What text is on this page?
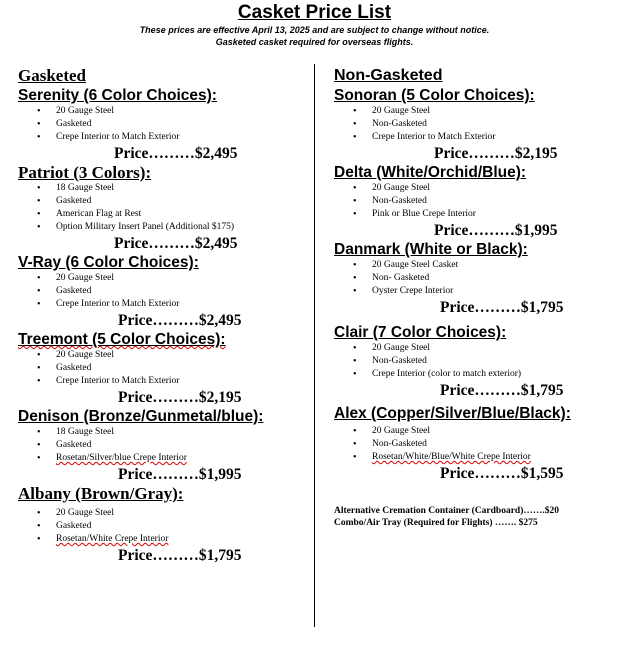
Casket Price List
These prices are effective April 13, 2025 and are subject to change without notice.
Gasketed casket required for overseas flights.
Gasketed
Serenity (6 Color Choices):
• 20 Gauge Steel
• Gasketed
• Crepe Interior to Match Exterior
Price………$2,495
Patriot (3 Colors):
• 18 Gauge Steel
• Gasketed
• American Flag at Rest
• Option Military Insert Panel (Additional $175)
Price………$2,495
V-Ray (6 Color Choices):
• 20 Gauge Steel
• Gasketed
• Crepe Interior to Match Exterior
Price………$2,495
Treemont (5 Color Choices):
• 20 Gauge Steel
• Gasketed
• Crepe Interior to Match Exterior
Price………$2,195
Denison (Bronze/Gunmetal/blue):
• 18 Gauge Steel
• Gasketed
• Rosetan/Silver/blue Crepe Interior
Price………$1,995
Albany (Brown/Gray):
• 20 Gauge Steel
• Gasketed
• Rosetan/White Crepe Interior
Price………$1,795
Non-Gasketed
Sonoran (5 Color Choices):
• 20 Gauge Steel
• Non-Gasketed
• Crepe Interior to Match Exterior
Price………$2,195
Delta (White/Orchid/Blue):
• 20 Gauge Steel
• Non-Gasketed
• Pink or Blue Crepe Interior
Price………$1,995
Danmark (White or Black):
• 20 Gauge Steel Casket
• Non- Gasketed
• Oyster Crepe Interior
Price………$1,795
Clair (7 Color Choices):
• 20 Gauge Steel
• Non-Gasketed
• Crepe Interior (color to match exterior)
Price………$1,795
Alex (Copper/Silver/Blue/Black):
• 20 Gauge Steel
• Non-Gasketed
• Rosetan/White/Blue/White Crepe Interior
Price………$1,595
Alternative Cremation Container (Cardboard)…….$20
Combo/Air Tray (Required for Flights) ……. $275
